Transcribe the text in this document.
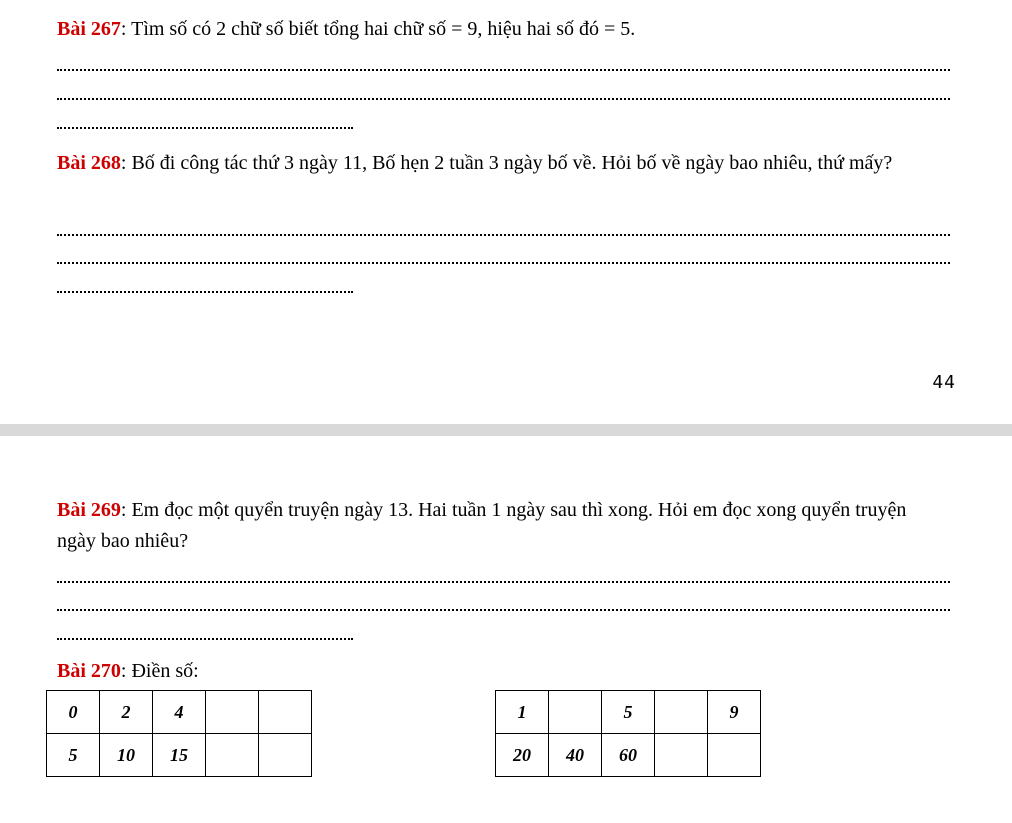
Bài 267: Tìm số có 2 chữ số biết tổng hai chữ số = 9, hiệu hai số đó = 5.
Bài 268: Bố đi công tác thứ 3 ngày 11, Bố hẹn 2 tuần 3 ngày bố về. Hỏi bố về ngày bao nhiêu, thứ mấy?
44
Bài 269: Em đọc một quyển truyện ngày 13. Hai tuần 1 ngày sau thì xong. Hỏi em đọc xong quyển truyện ngày bao nhiêu?
Bài 270: Điền số:
0	2	4		
5	10	15		
1		5		9
20	40	60		
